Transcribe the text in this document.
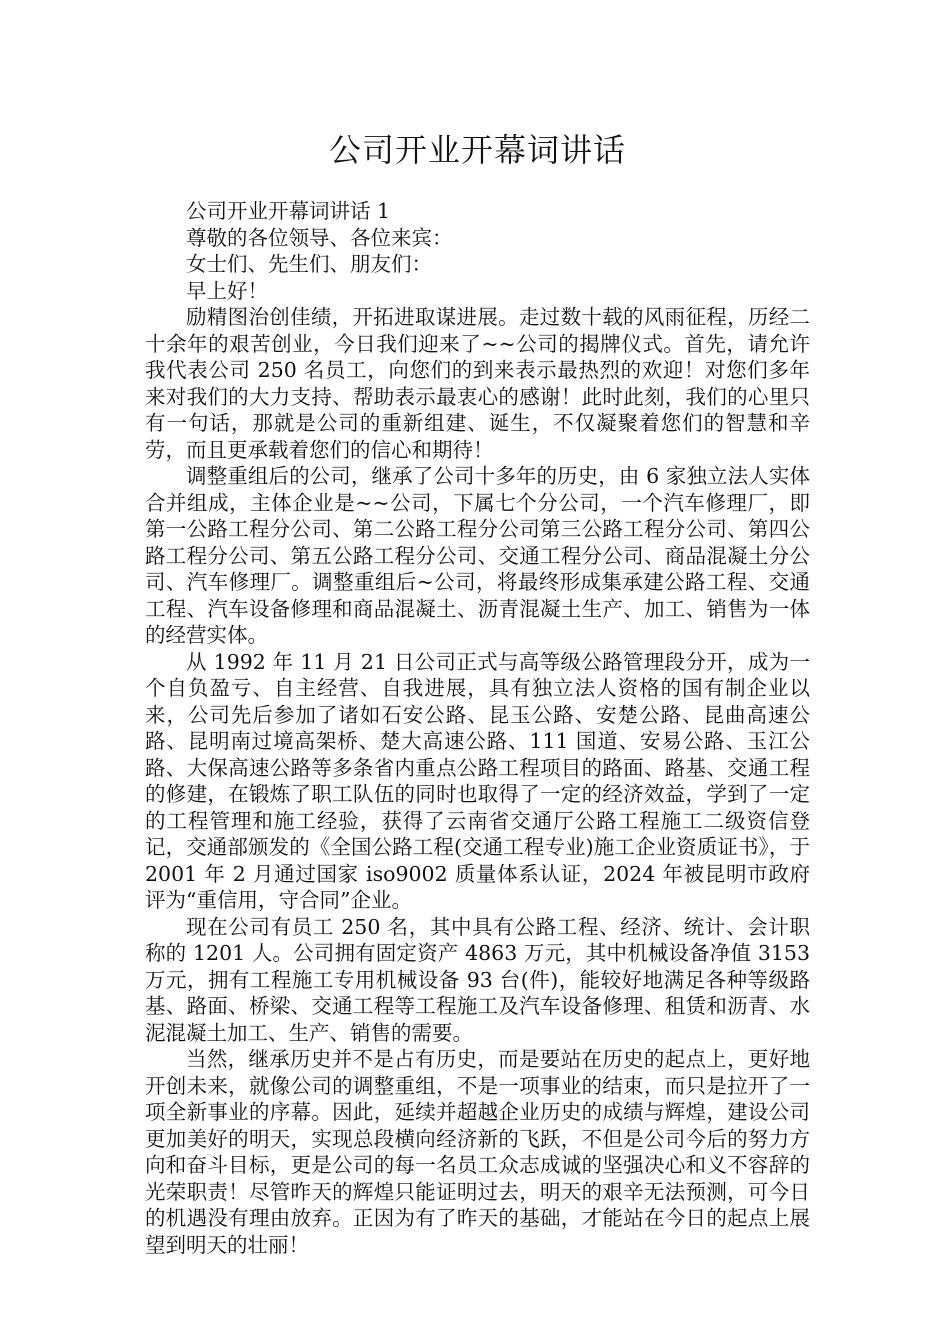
公司开业开幕词讲话

公司开业开幕词讲话 1

尊敬的各位领导、各位来宾：

女士们、先生们、朋友们：

早上好！

励精图治创佳绩，开拓进取谋进展。走过数十载的风雨征程，历经二十余年的艰苦创业，今日我们迎来了~~公司的揭牌仪式。首先，请允许我代表公司 250 名员工，向您们的到来表示最热烈的欢迎！对您们多年来对我们的大力支持、帮助表示最衷心的感谢！此时此刻，我们的心里只有一句话，那就是公司的重新组建、诞生，不仅凝聚着您们的智慧和辛劳，而且更承载着您们的信心和期待！

调整重组后的公司，继承了公司十多年的历史，由 6 家独立法人实体合并组成，主体企业是~~公司，下属七个分公司，一个汽车修理厂，即第一公路工程分公司、第二公路工程分公司第三公路工程分公司、第四公路工程分公司、第五公路工程分公司、交通工程分公司、商品混凝土分公司、汽车修理厂。调整重组后~公司，将最终形成集承建公路工程、交通工程、汽车设备修理和商品混凝土、沥青混凝土生产、加工、销售为一体的经营实体。

从 1992 年 11 月 21 日公司正式与高等级公路管理段分开，成为一个自负盈亏、自主经营、自我进展，具有独立法人资格的国有制企业以来，公司先后参加了诸如石安公路、昆玉公路、安楚公路、昆曲高速公路、昆明南过境高架桥、楚大高速公路、111 国道、安易公路、玉江公路、大保高速公路等多条省内重点公路工程项目的路面、路基、交通工程的修建，在锻炼了职工队伍的同时也取得了一定的经济效益，学到了一定的工程管理和施工经验，获得了云南省交通厅公路工程施工二级资信登记，交通部颁发的《全国公路工程(交通工程专业)施工企业资质证书》，于 2001 年 2 月通过国家 iso9002 质量体系认证，2024 年被昆明市政府评为“重信用，守合同”企业。

现在公司有员工 250 名，其中具有公路工程、经济、统计、会计职称的 1201 人。公司拥有固定资产 4863 万元，其中机械设备净值 3153 万元，拥有工程施工专用机械设备 93 台(件)，能较好地满足各种等级路基、路面、桥梁、交通工程等工程施工及汽车设备修理、租赁和沥青、水泥混凝土加工、生产、销售的需要。

当然，继承历史并不是占有历史，而是要站在历史的起点上，更好地开创未来，就像公司的调整重组，不是一项事业的结束，而只是拉开了一项全新事业的序幕。因此，延续并超越企业历史的成绩与辉煌，建设公司更加美好的明天，实现总段横向经济新的飞跃，不但是公司今后的努力方向和奋斗目标，更是公司的每一名员工众志成诚的坚强决心和义不容辞的光荣职责！尽管昨天的辉煌只能证明过去，明天的艰辛无法预测，可今日的机遇没有理由放弃。正因为有了昨天的基础，才能站在今日的起点上展望到明天的壮丽！
